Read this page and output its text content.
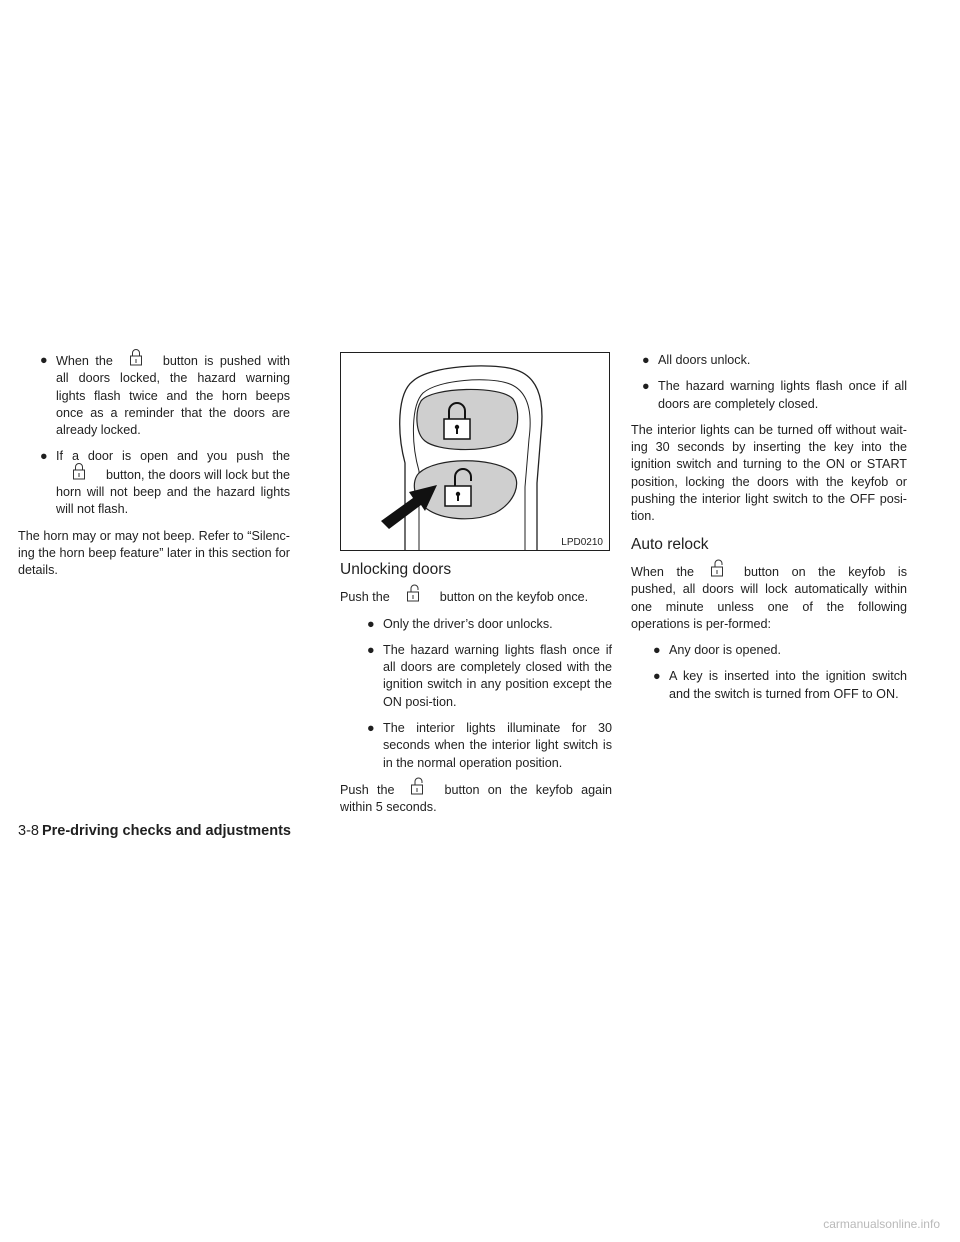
● When the	button is pushed with all doors locked, the hazard warning lights flash twice and the horn beeps once as a reminder that the doors are already locked.
● If a door is open and you push the
button, the doors will lock but the horn will not beep and the hazard lights will not flash.

The horn may or may not beep. Refer to “Silenc-ing the horn beep feature” later in this section for details.

LPD0210
Unlocking doors

Push the	button on the keyfob once.

● Only the driver’s door unlocks.
● The hazard warning lights flash once if all doors are completely closed with the ignition switch in any position except the ON posi-tion.
● The interior lights illuminate for 30 seconds when the interior light switch is in the normal operation position.

Push the	button on the keyfob again within 5 seconds.

● All doors unlock.
● The hazard warning lights flash once if all doors are completely closed.

The interior lights can be turned off without wait-ing 30 seconds by inserting the key into the ignition switch and turning to the ON or START position, locking the doors with the keyfob or pushing the interior light switch to the OFF posi-tion.

Auto relock

When the	button on the keyfob is pushed, all doors will lock automatically within one minute unless one of the following operations is per-formed:

● Any door is opened.
● A key is inserted into the ignition switch and the switch is turned from OFF to ON.
3-8 Pre-driving checks and adjustments
carmanualsonline.info
